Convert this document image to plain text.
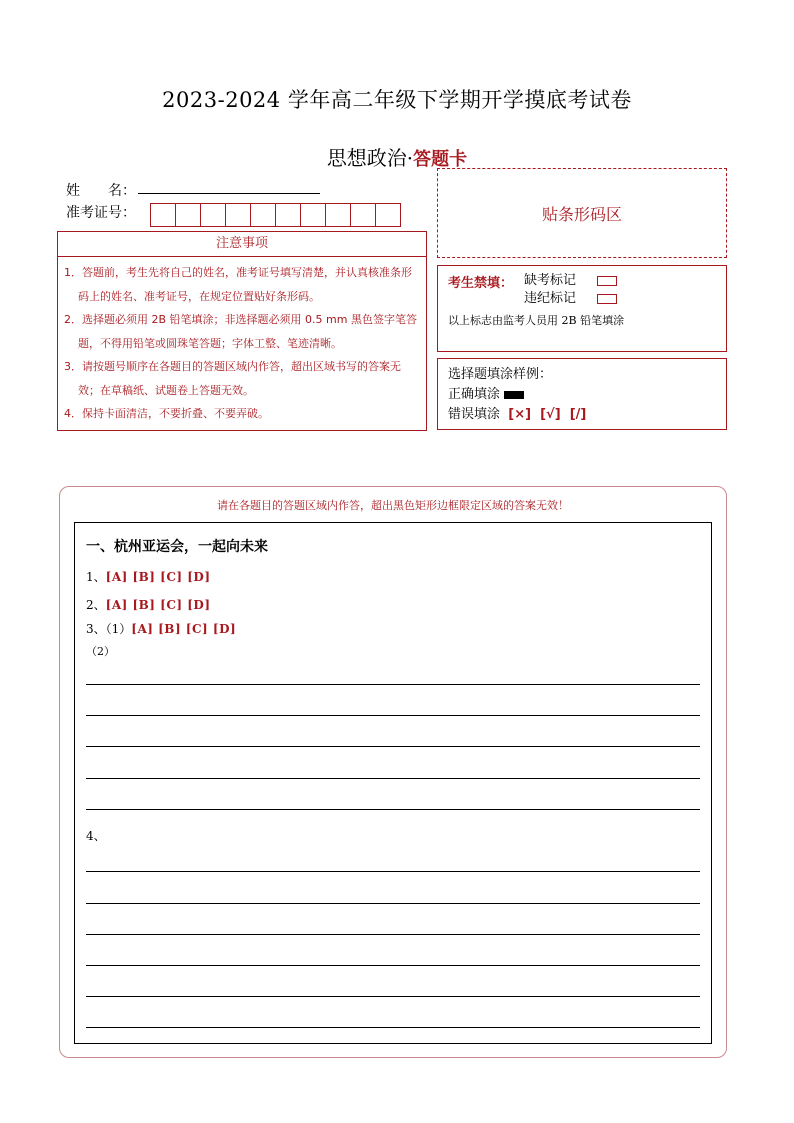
2023-2024 学年高二年级下学期开学摸底考试卷
思想政治·答题卡
姓　　名：
准考证号：	贴条形码区
注意事项
1．答题前，考生先将自己的姓名，准考证号填写清楚，并认真核准条形码上的姓名、准考证号，在规定位置贴好条形码。
2．选择题必须用 2B 铅笔填涂；非选择题必须用 0.5 mm 黑色签字笔答题，不得用铅笔或圆珠笔答题；字体工整、笔迹清晰。
3．请按题号顺序在各题目的答题区域内作答，超出区域书写的答案无效；在草稿纸、试题卷上答题无效。
4．保持卡面清洁，不要折叠、不要弄破。
考生禁填： 缺考标记
违纪标记
以上标志由监考人员用 2B 铅笔填涂
选择题填涂样例：
正确填涂
错误填涂 [×]  [√]  [/]
请在各题目的答题区域内作答，超出黑色矩形边框限定区域的答案无效！
一、杭州亚运会，一起向未来
1、[A] [B] [C] [D]
2、[A] [B] [C] [D]
3、（1）[A] [B] [C] [D]
（2）
4、
